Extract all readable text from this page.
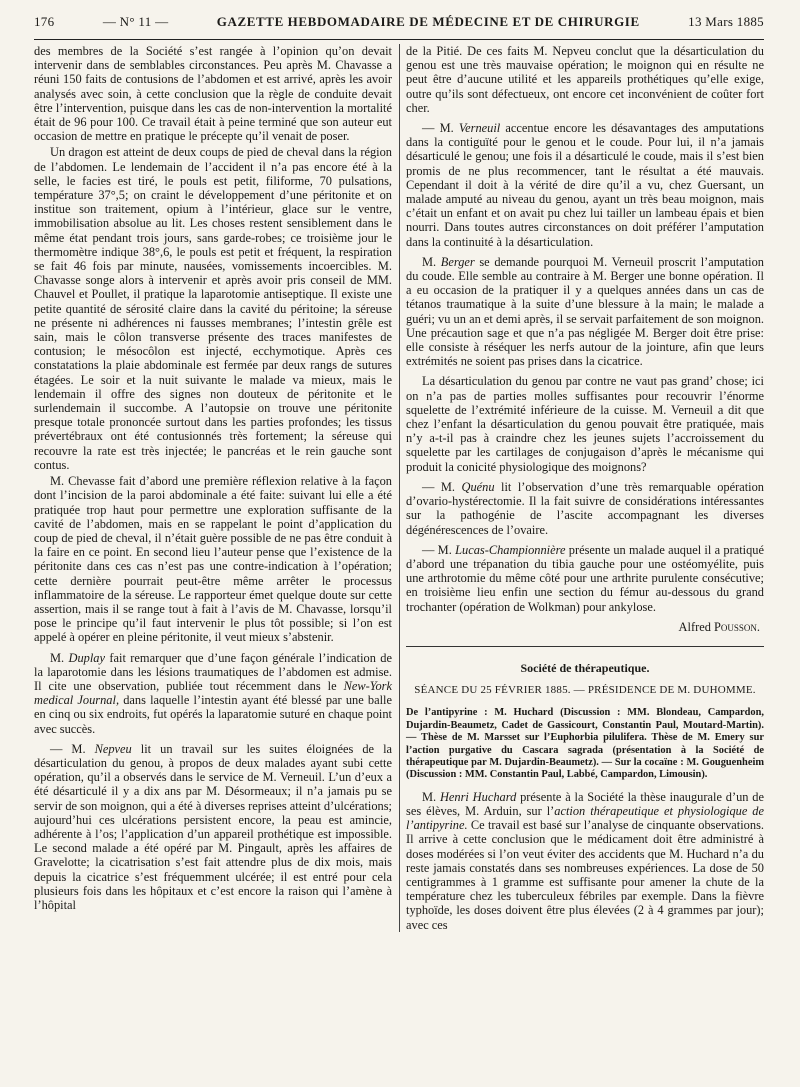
176	— N° 11 —	GAZETTE HEBDOMADAIRE DE MÉDECINE ET DE CHIRURGIE	13 Mars 1885

des membres de la Société s’est rangée à l’opinion qu’on devait intervenir dans de semblables circonstances. Peu après M. Chavasse a réuni 150 faits de contusions de l’abdomen et est arrivé, après les avoir analysés avec soin, à cette conclusion que la règle de conduite devait être l’intervention, puisque dans les cas de non-intervention la mortalité était de 96 pour 100. Ce travail était à peine terminé que son auteur eut occasion de mettre en pratique le précepte qu’il venait de poser.

Un dragon est atteint de deux coups de pied de cheval dans la région de l’abdomen. Le lendemain de l’accident il n’a pas encore été à la selle, le facies est tiré, le pouls est petit, filiforme, 70 pulsations, température 37°,5; on craint le développement d’une péritonite et on institue son traitement, opium à l’intérieur, glace sur le ventre, immobilisation absolue au lit. Les choses restent sensiblement dans le même état pendant trois jours, sans garde-robes; ce troisième jour le thermomètre indique 38°,6, le pouls est petit et fréquent, la respiration se fait 46 fois par minute, nausées, vomissements incoercibles. M. Chavasse songe alors à intervenir et après avoir pris conseil de MM. Chauvel et Poullet, il pratique la laparotomie antiseptique. Il existe une petite quantité de sérosité claire dans la cavité du péritoine; la séreuse ne présente ni adhérences ni fausses membranes; l’intestin grêle est sain, mais le côlon transverse présente des traces manifestes de contusion; le mésocôlon est injecté, ecchymotique. Après ces constatations la plaie abdominale est fermée par deux rangs de sutures étagées. Le soir et la nuit suivante le malade va mieux, mais le lendemain il offre des signes non douteux de péritonite et le surlendemain il succombe. A l’autopsie on trouve une péritonite presque totale prononcée surtout dans les parties profondes; les tissus prévertébraux ont été contusionnés très fortement; la séreuse qui recouvre la rate est très injectée; le pancréas et le rein gauche sont contus.

M. Chevasse fait d’abord une première réflexion relative à la façon dont l’incision de la paroi abdominale a été faite: suivant lui elle a été pratiquée trop haut pour permettre une exploration suffisante de la cavité de l’abdomen, mais en se rappelant le point d’application du coup de pied de cheval, il n’était guère possible de ne pas être conduit à la faire en ce point. En second lieu l’auteur pense que l’existence de la péritonite dans ces cas n’est pas une contre-indication à l’opération; cette dernière pourrait peut-être même arrêter le processus inflammatoire de la séreuse. Le rapporteur émet quelque doute sur cette assertion, mais il se range tout à fait à l’avis de M. Chavasse, lorsqu’il pose le principe qu’il faut intervenir le plus tôt possible; si l’on est appelé à opérer en pleine péritonite, il veut mieux s’abstenir.

M. Duplay fait remarquer que d’une façon générale l’indication de la laparotomie dans les lésions traumatiques de l’abdomen est admise. Il cite une observation, publiée tout récemment dans le New-York medical Journal, dans laquelle l’intestin ayant été blessé par une balle en cinq ou six endroits, fut opérés la laparatomie suturé en chaque point avec succès.

— M. Nepveu lit un travail sur les suites éloignées de la désarticulation du genou, à propos de deux malades ayant subi cette opération, qu’il a observés dans le service de M. Verneuil. L’un d’eux a été désarticulé il y a dix ans par M. Désormeaux; il n’a jamais pu se servir de son moignon, qui a été à diverses reprises atteint d’ulcérations; aujourd’hui ces ulcérations persistent encore, la peau est amincie, adhérente à l’os; l’application d’un appareil prothétique est impossible. Le second malade a été opéré par M. Pingault, après les affaires de Gravelotte; la cicatrisation s’est fait attendre plus de dix mois, mais depuis la cicatrice s’est fréquemment ulcérée; il est entré pour cela plusieurs fois dans les hôpitaux et c’est encore la raison qui l’amène à l’hôpital

de la Pitié. De ces faits M. Nepveu conclut que la désarticulation du genou est une très mauvaise opération; le moignon qui en résulte ne peut être d’aucune utilité et les appareils prothétiques qu’elle exige, outre qu’ils sont défectueux, ont encore cet inconvénient de coûter fort cher.

— M. Verneuil accentue encore les désavantages des amputations dans la contiguïté pour le genou et le coude. Pour lui, il n’a jamais désarticulé le genou; une fois il a désarticulé le coude, mais il s’est bien promis de ne plus recommencer, tant le résultat a été mauvais. Cependant il doit à la vérité de dire qu’il a vu, chez Guersant, un malade amputé au niveau du genou, ayant un très beau moignon, mais c’était un enfant et on avait pu chez lui tailler un lambeau épais et bien nourri. Dans toutes autres circonstances on doit préférer l’amputation dans la continuité à la désarticulation.

M. Berger se demande pourquoi M. Verneuil proscrit l’amputation du coude. Elle semble au contraire à M. Berger une bonne opération. Il a eu occasion de la pratiquer il y a quelques années dans un cas de tétanos traumatique à la suite d’une blessure à la main; le malade a guéri; vu un an et demi après, il se servait parfaitement de son moignon. Une précaution sage et que n’a pas négligée M. Berger doit être prise: elle consiste à réséquer les nerfs autour de la jointure, afin que leurs extrémités ne soient pas prises dans la cicatrice.

La désarticulation du genou par contre ne vaut pas grand’ chose; ici on n’a pas de parties molles suffisantes pour recouvrir l’énorme squelette de l’extrémité inférieure de la cuisse. M. Verneuil a dit que chez l’enfant la désarticulation du genou pouvait être pratiquée, mais n’y a-t-il pas à craindre chez les jeunes sujets l’accroissement du squelette par les cartilages de conjugaison d’après le mécanisme qui produit la conicité physiologique des moignons?

— M. Quénu lit l’observation d’une très remarquable opération d’ovario-hystérectomie. Il la fait suivre de considérations intéressantes sur la pathogénie de l’ascite accompagnant les diverses dégénérescences de l’ovaire.

— M. Lucas-Championnière présente un malade auquel il a pratiqué d’abord une trépanation du tibia gauche pour une ostéomyélite, puis une arthrotomie du même côté pour une arthrite purulente consécutive; en troisième lieu enfin une section du fémur au-dessous du grand trochanter (opération de Wolkman) pour ankylose.

Alfred Pousson.
Société de thérapeutique.
SÉANCE DU 25 FÉVRIER 1885. — PRÉSIDENCE DE M. DUHOMME.
De l’antipyrine : M. Huchard (Discussion : MM. Blondeau, Campardon, Dujardin-Beaumetz, Cadet de Gassicourt, Constantin Paul, Moutard-Martin). — Thèse de M. Marsset sur l’Euphorbia pilulifera. Thèse de M. Emery sur l’action purgative du Cascara sagrada (présentation à la Société de thérapeutique par M. Dujardin-Beaumetz). — Sur la cocaïne : M. Gouguenheim (Discussion : MM. Constantin Paul, Labbé, Campardon, Limousin).

M. Henri Huchard présente à la Société la thèse inaugurale d’un de ses élèves, M. Arduin, sur l’action thérapeutique et physiologique de l’antipyrine. Ce travail est basé sur l’analyse de cinquante observations. Il arrive à cette conclusion que le médicament doit être administré à doses modérées si l’on veut éviter des accidents que M. Huchard n’a du reste jamais constatés dans ses nombreuses expériences. La dose de 50 centigrammes à 1 gramme est suffisante pour amener la chute de la température chez les tuberculeux fébriles par exemple. Dans la fièvre typhoïde, les doses doivent être plus élevées (2 à 4 grammes par jour); avec ces
